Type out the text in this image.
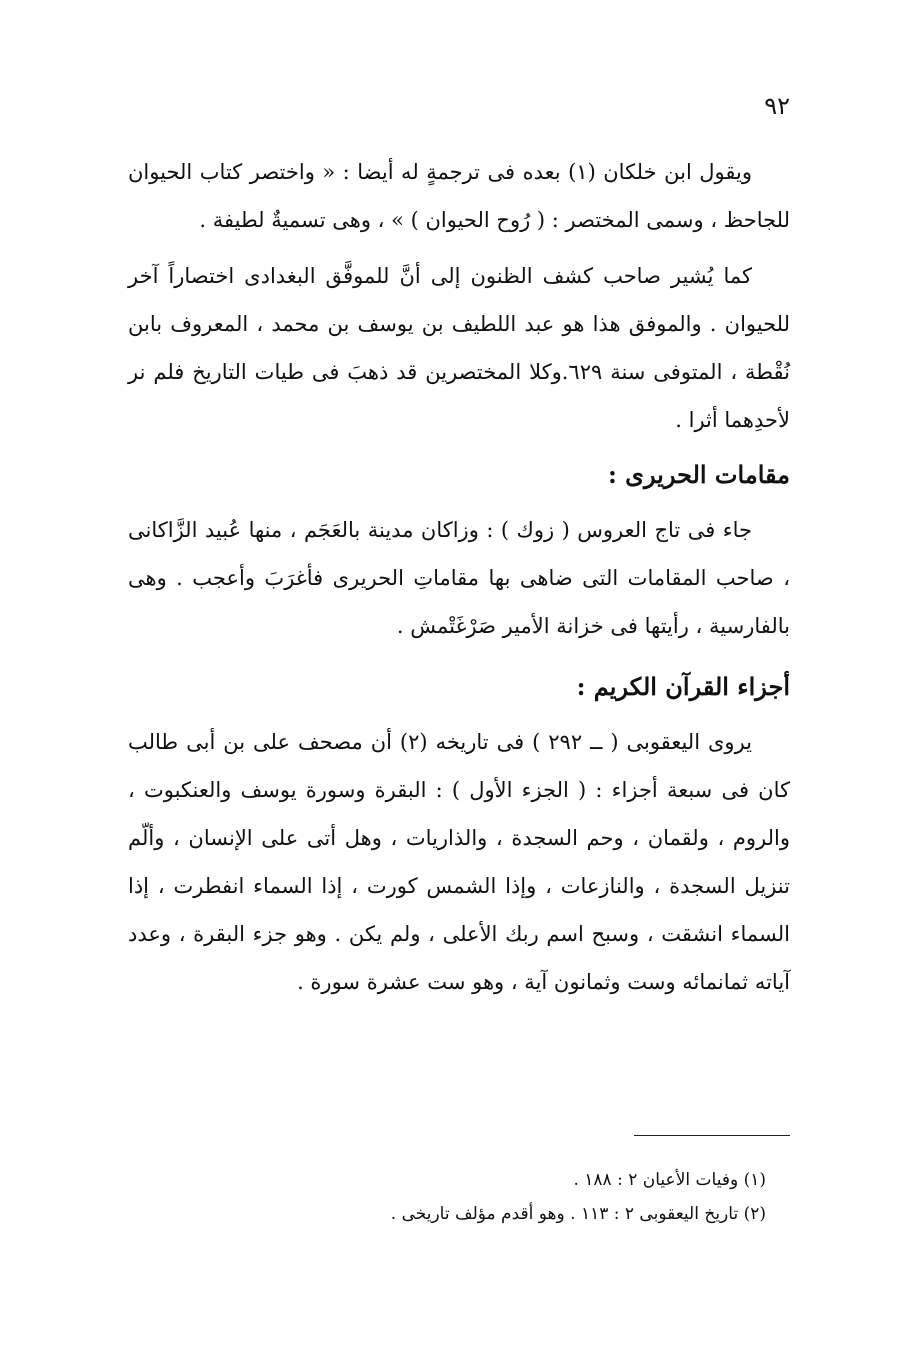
٩٢

ويقول ابن خلكان (١) بعده فى ترجمةٍ له أيضا : « واختصر كتاب الحيوان للجاحظ ، وسمى المختصر : ( رُوح الحيوان ) » ، وهى تسميةٌ لطيفة .

كما يُشير صاحب كشف الظنون إلى أنَّ للموفَّق البغدادى اختصاراً آخر للحيوان . والموفق هذا هو عبد اللطيف بن يوسف بن محمد ، المعروف بابن نُقْطة ، المتوفى سنة ٦٢٩.وكلا المختصرين قد ذهبَ فى طيات التاريخ فلم نر لأحدِهما أثرا .

مقامات الحريرى :

جاء فى تاج العروس ( زوك ) : وزاكان مدينة بالعَجَم ، منها عُبيد الزَّاكانى ، صاحب المقامات التى ضاهى بها مقاماتِ الحريرى فأغرَبَ وأعجب . وهى بالفارسية ، رأيتها فى خزانة الأمير صَرْغَتْمش .

أجزاء القرآن الكريم :

يروى اليعقوبى ( ــ ٢٩٢ ) فى تاريخه (٢) أن مصحف على بن أبى طالب كان فى سبعة أجزاء : ( الجزء الأول ) : البقرة وسورة يوسف والعنكبوت ، والروم ، ولقمان ، وحم السجدة ، والذاريات ، وهل أتى على الإنسان ، وألّم تنزيل السجدة ، والنازعات ، وإذا الشمس كورت ، إذا السماء انفطرت ، إذا السماء انشقت ، وسبح اسم ربك الأعلى ، ولم يكن . وهو جزء البقرة ، وعدد آياته ثمانمائه وست وثمانون آية ، وهو ست عشرة سورة .

(١) وفيات الأعيان ٢ : ١٨٨ .

(٢) تاريخ اليعقوبى ٢ : ١١٣ . وهو أقدم مؤلف تاريخى .
